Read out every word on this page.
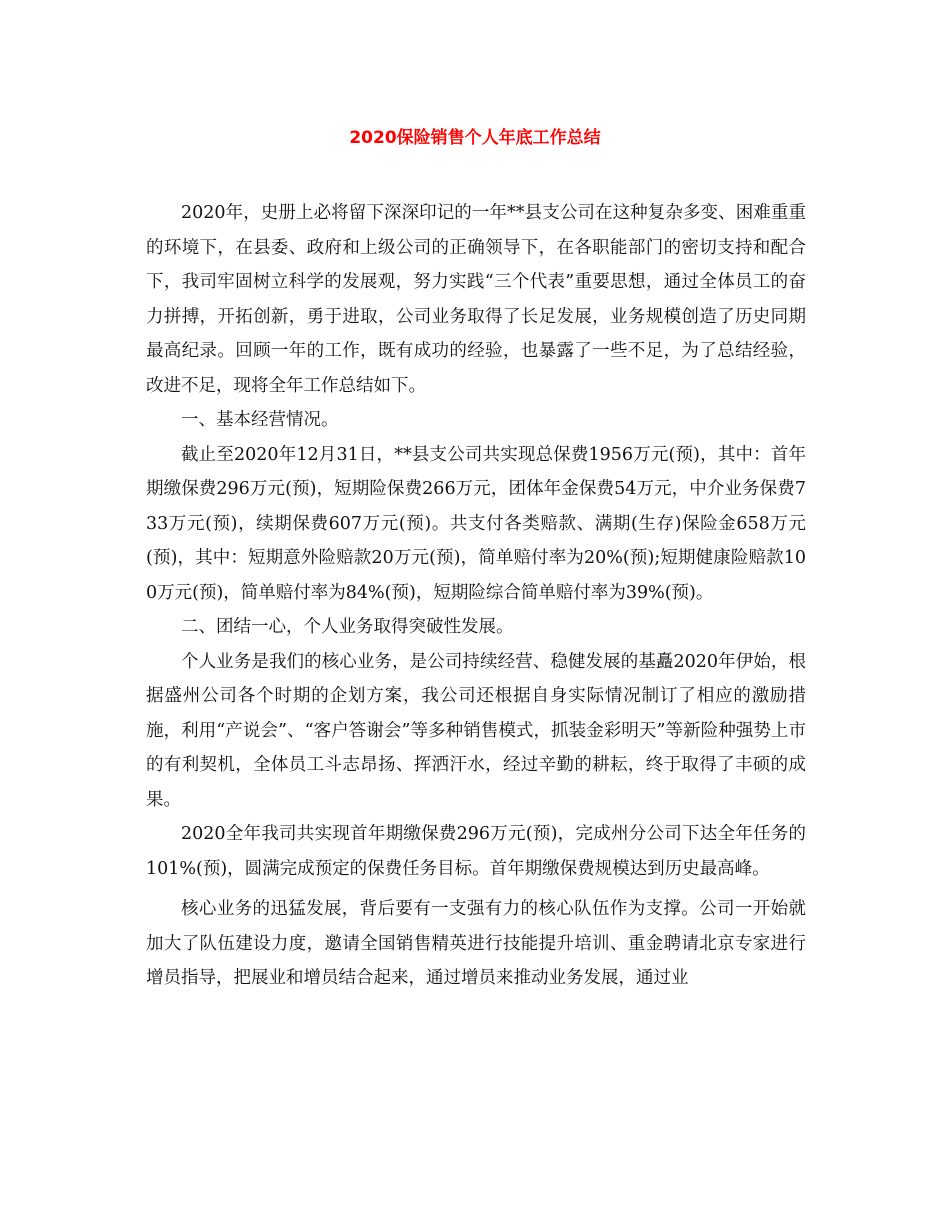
2020保险销售个人年底工作总结

2020年，史册上必将留下深深印记的一年**县支公司在这种复杂多变、困难重重的环境下，在县委、政府和上级公司的正确领导下，在各职能部门的密切支持和配合下，我司牢固树立科学的发展观，努力实践“三个代表”重要思想，通过全体员工的奋力拼搏，开拓创新，勇于进取，公司业务取得了长足发展，业务规模创造了历史同期最高纪录。回顾一年的工作，既有成功的经验，也暴露了一些不足，为了总结经验，改进不足，现将全年工作总结如下。

一、基本经营情况。

截止至2020年12月31日，**县支公司共实现总保费1956万元(预)，其中：首年期缴保费296万元(预)，短期险保费266万元，团体年金保费54万元，中介业务保费733万元(预)，续期保费607万元(预)。共支付各类赔款、满期(生存)保险金658万元(预)，其中：短期意外险赔款20万元(预)，简单赔付率为20%(预);短期健康险赔款100万元(预)，简单赔付率为84%(预)，短期险综合简单赔付率为39%(预)。

二、团结一心，个人业务取得突破性发展。

个人业务是我们的核心业务，是公司持续经营、稳健发展的基矗2020年伊始，根据盛州公司各个时期的企划方案，我公司还根据自身实际情况制订了相应的激励措施，利用“产说会”、“客户答谢会”等多种销售模式，抓装金彩明天”等新险种强势上市的有利契机，全体员工斗志昂扬、挥洒汗水，经过辛勤的耕耘，终于取得了丰硕的成果。

2020全年我司共实现首年期缴保费296万元(预)，完成州分公司下达全年任务的101%(预)，圆满完成预定的保费任务目标。首年期缴保费规模达到历史最高峰。

核心业务的迅猛发展，背后要有一支强有力的核心队伍作为支撑。公司一开始就加大了队伍建设力度，邀请全国销售精英进行技能提升培训、重金聘请北京专家进行增员指导，把展业和增员结合起来，通过增员来推动业务发展，通过业
